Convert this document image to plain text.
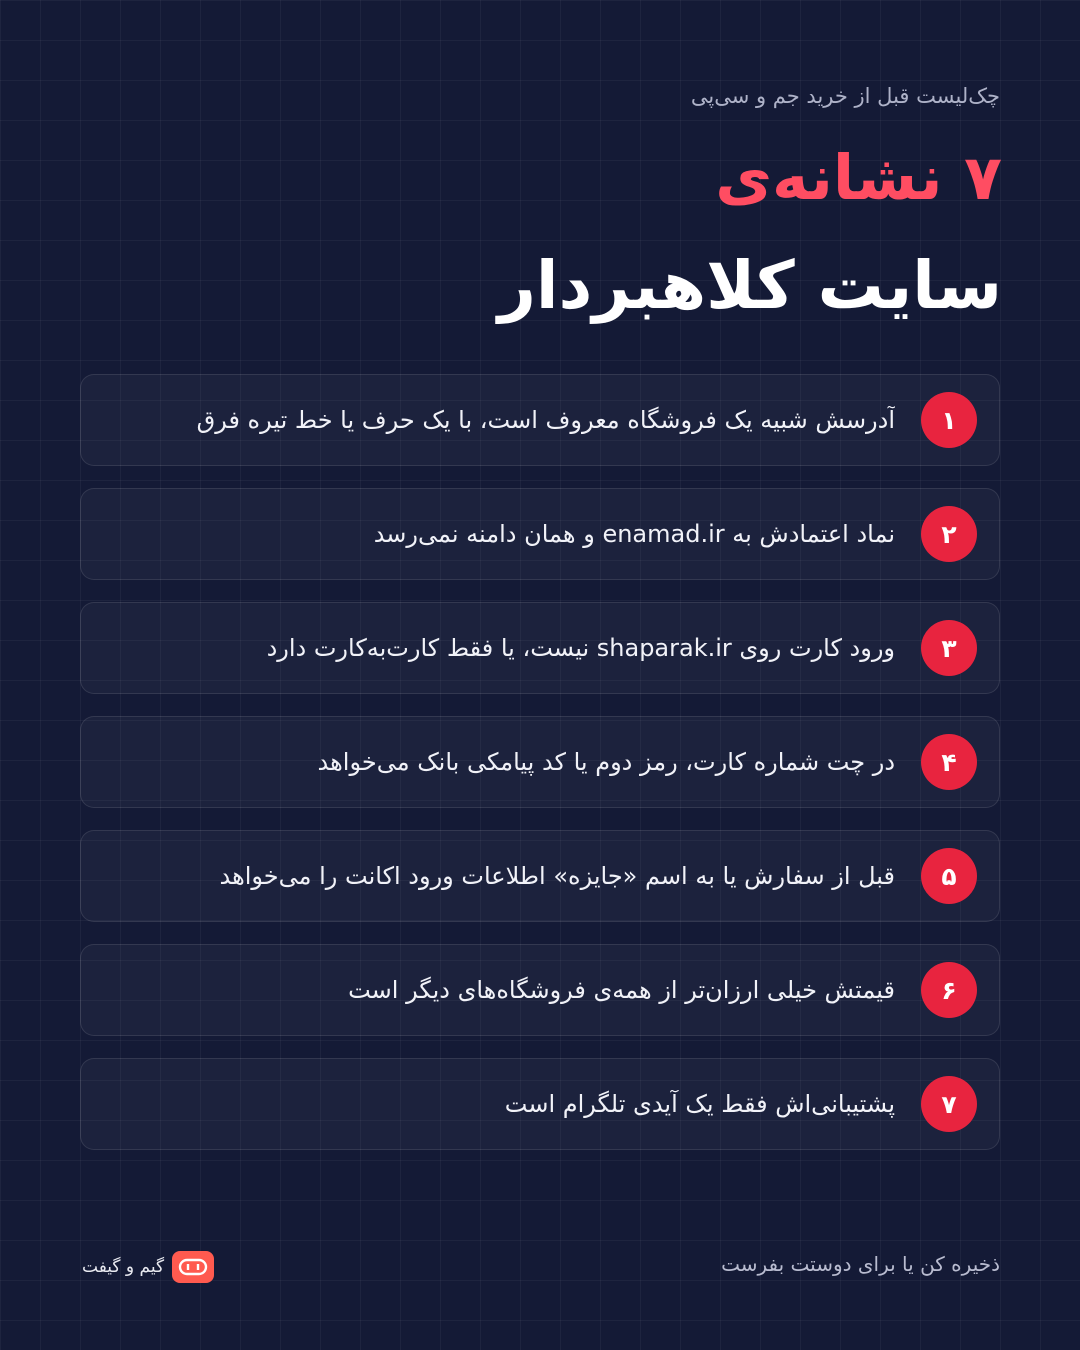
چک‌لیست قبل از خرید جم و سی‌پی
۷ نشانه‌ی
سایت کلاهبردار
۱
آدرسش شبیه یک فروشگاه معروف است، با یک حرف یا خط تیره فرق
۲
نماد اعتمادش به enamad.ir و همان دامنه نمی‌رسد
۳
ورود کارت روی shaparak.ir نیست، یا فقط کارت‌به‌کارت دارد
۴
در چت شماره کارت، رمز دوم یا کد پیامکی بانک می‌خواهد
۵
قبل از سفارش یا به اسم «جایزه» اطلاعات ورود اکانت را می‌خواهد
۶
قیمتش خیلی ارزان‌تر از همه‌ی فروشگاه‌های دیگر است
۷
پشتیبانی‌اش فقط یک آیدی تلگرام است
ذخیره کن یا برای دوستت بفرست
گیم و گیفت
